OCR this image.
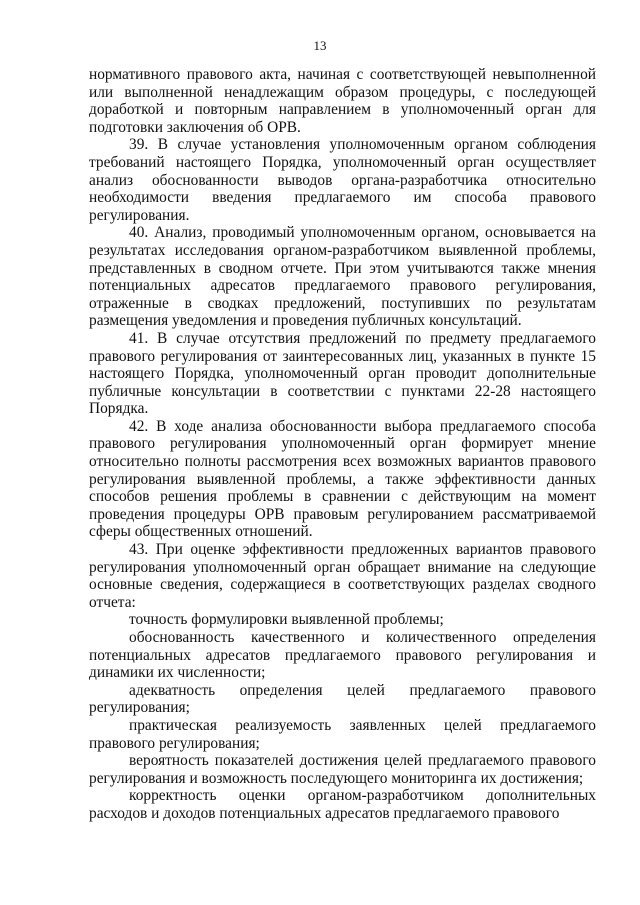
13

нормативного правового акта, начиная с соответствующей невыполненной или выполненной ненадлежащим образом процедуры, с последующей доработкой и повторным направлением в уполномоченный орган для подготовки заключения об ОРВ.

39. В случае установления уполномоченным органом соблюдения требований настоящего Порядка, уполномоченный орган осуществляет анализ обоснованности выводов органа-разработчика относительно необходимости введения предлагаемого им способа правового регулирования.

40. Анализ, проводимый уполномоченным органом, основывается на результатах исследования органом-разработчиком выявленной проблемы, представленных в сводном отчете. При этом учитываются также мнения потенциальных адресатов предлагаемого правового регулирования, отраженные в сводках предложений, поступивших по результатам размещения уведомления и проведения публичных консультаций.

41. В случае отсутствия предложений по предмету предлагаемого правового регулирования от заинтересованных лиц, указанных в пункте 15 настоящего Порядка, уполномоченный орган проводит дополнительные публичные консультации в соответствии с пунктами 22-28 настоящего Порядка.

42. В ходе анализа обоснованности выбора предлагаемого способа правового регулирования уполномоченный орган формирует мнение относительно полноты рассмотрения всех возможных вариантов правового регулирования выявленной проблемы, а также эффективности данных способов решения проблемы в сравнении с действующим на момент проведения процедуры ОРВ правовым регулированием рассматриваемой сферы общественных отношений.

43. При оценке эффективности предложенных вариантов правового регулирования уполномоченный орган обращает внимание на следующие основные сведения, содержащиеся в соответствующих разделах сводного отчета:

точность формулировки выявленной проблемы;

обоснованность качественного и количественного определения потенциальных адресатов предлагаемого правового регулирования и динамики их численности;

адекватность определения целей предлагаемого правового регулирования;

практическая реализуемость заявленных целей предлагаемого правового регулирования;

вероятность показателей достижения целей предлагаемого правового регулирования и возможность последующего мониторинга их достижения;

корректность оценки органом-разработчиком дополнительных расходов и доходов потенциальных адресатов предлагаемого правового
